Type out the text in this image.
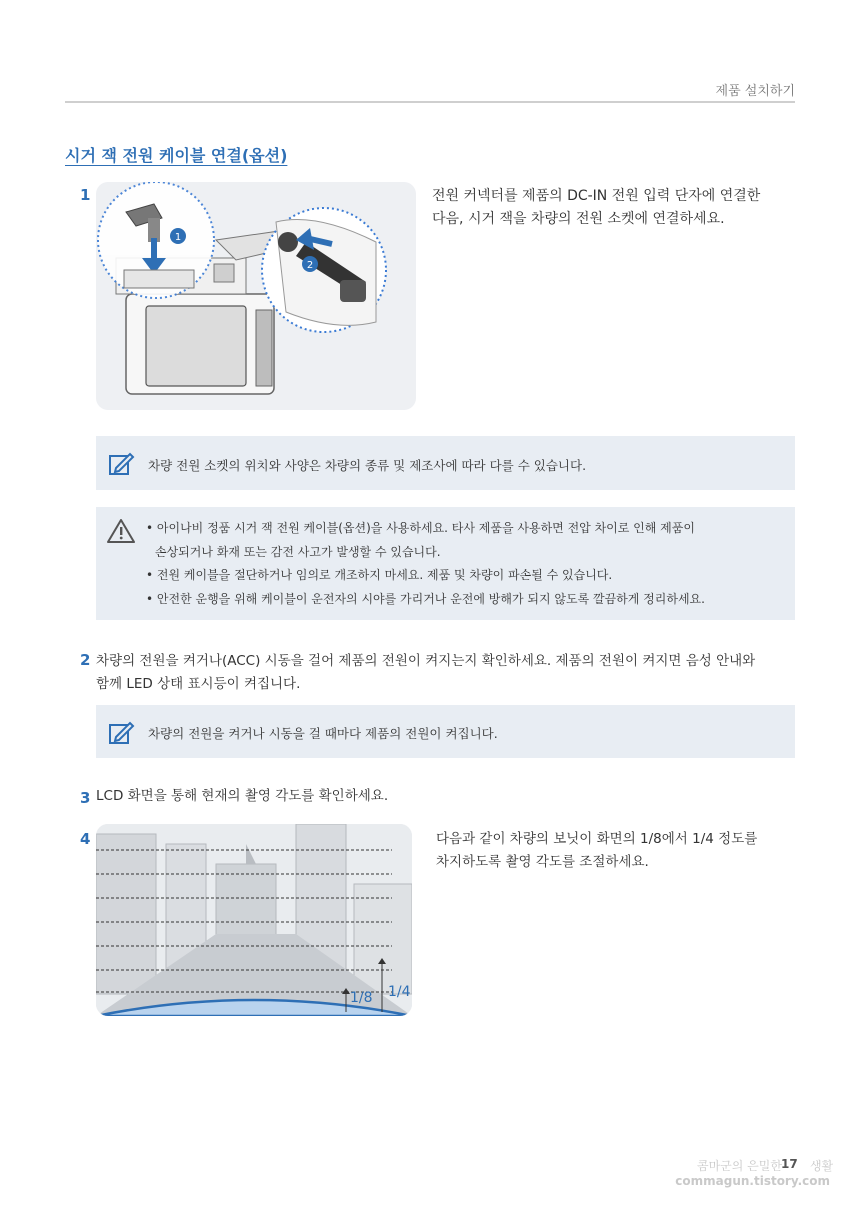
제품 설치하기
시거 잭 전원 케이블 연결(옵션)
1
1
2
전원 커넥터를 제품의 DC-IN 전원 입력 단자에 연결한
다음, 시거 잭을 차량의 전원 소켓에 연결하세요.
차량 전원 소켓의 위치와 사양은 차량의 종류 및 제조사에 따라 다를 수 있습니다.
• 아이나비 정품 시거 잭 전원 케이블(옵션)을 사용하세요. 타사 제품을 사용하면 전압 차이로 인해 제품이
손상되거나 화재 또는 감전 사고가 발생할 수 있습니다.
• 전원 케이블을 절단하거나 임의로 개조하지 마세요. 제품 및 차량이 파손될 수 있습니다.
• 안전한 운행을 위해 케이블이 운전자의 시야를 가리거나 운전에 방해가 되지 않도록 깔끔하게 정리하세요.
2 차량의 전원을 켜거나(ACC) 시동을 걸어 제품의 전원이 켜지는지 확인하세요. 제품의 전원이 켜지면 음성 안내와
함께 LED 상태 표시등이 켜집니다.
차량의 전원을 켜거나 시동을 걸 때마다 제품의 전원이 켜집니다.
3 LCD 화면을 통해 현재의 촬영 각도를 확인하세요.
4
1/8 1/4
다음과 같이 차량의 보닛이 화면의 1/8에서 1/4 정도를
차지하도록 촬영 각도를 조절하세요.
콤마군의 은밀한 생활
17
commagun.tistory.com
